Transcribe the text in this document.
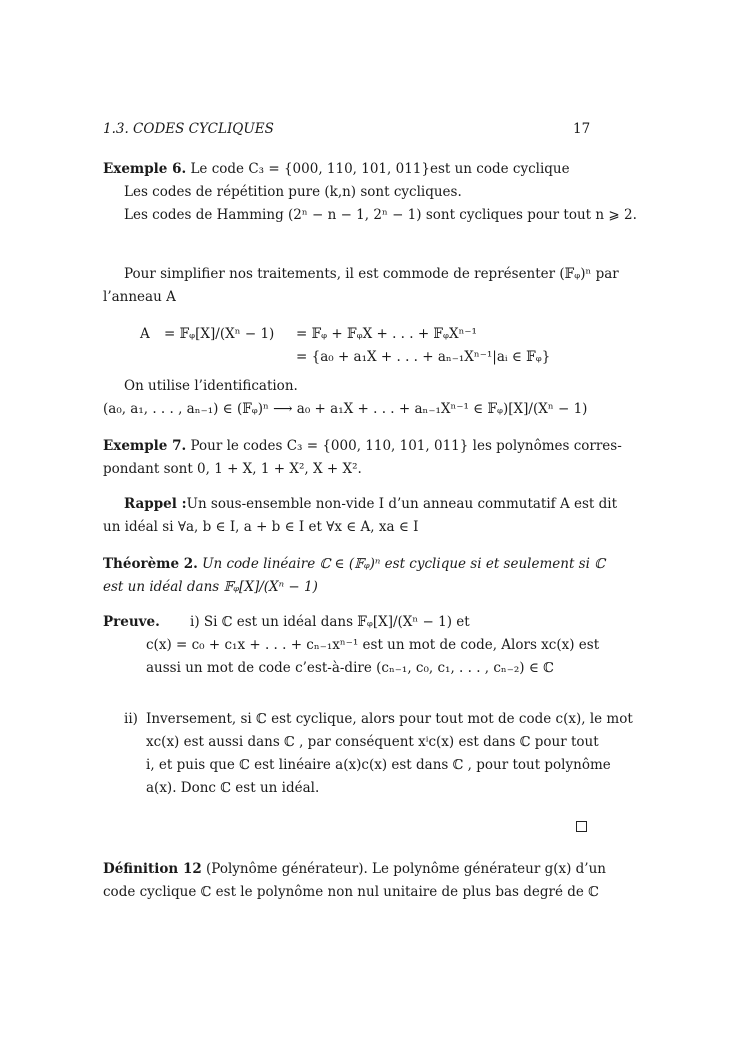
1.3. CODES CYCLIQUES	17
Exemple 6. Le code C₃ = {000, 110, 101, 011}est un code cyclique
Les codes de répétition pure (k,n) sont cycliques.
Les codes de Hamming (2ⁿ − n − 1, 2ⁿ − 1) sont cycliques pour tout n ⩾ 2.
Pour simplifier nos traitements, il est commode de représenter (𝔽ᵩ)ⁿ par
l’anneau A
A = 𝔽ᵩ[X]/(Xⁿ − 1) = 𝔽ᵩ + 𝔽ᵩX + . . . + 𝔽ᵩXⁿ⁻¹
= {a₀ + a₁X + . . . + aₙ₋₁Xⁿ⁻¹|aᵢ ∈ 𝔽ᵩ}
On utilise l’identification.
(a₀, a₁, . . . , aₙ₋₁) ∈ (𝔽ᵩ)ⁿ ⟶ a₀ + a₁X + . . . + aₙ₋₁Xⁿ⁻¹ ∈ 𝔽ᵩ)[X]/(Xⁿ − 1)
Exemple 7. Pour le codes C₃ = {000, 110, 101, 011} les polynômes corres-
pondant sont 0, 1 + X, 1 + X², X + X².
Rappel :Un sous-ensemble non-vide I d’un anneau commutatif A est dit
un idéal si ∀a, b ∈ I, a + b ∈ I et ∀x ∈ A, xa ∈ I
Théorème 2. Un code linéaire ℂ ∈ (𝔽ᵩ)ⁿ est cyclique si et seulement si ℂ
est un idéal dans 𝔽ᵩ[X]/(Xⁿ − 1)
Preuve. i) Si ℂ est un idéal dans 𝔽ᵩ[X]/(Xⁿ − 1) et
c(x) = c₀ + c₁x + . . . + cₙ₋₁xⁿ⁻¹ est un mot de code, Alors xc(x) est
aussi un mot de code c’est-à-dire (cₙ₋₁, c₀, c₁, . . . , cₙ₋₂) ∈ ℂ
ii) Inversement, si ℂ est cyclique, alors pour tout mot de code c(x), le mot
xc(x) est aussi dans ℂ , par conséquent xⁱc(x) est dans ℂ pour tout
i, et puis que ℂ est linéaire a(x)c(x) est dans ℂ , pour tout polynôme
a(x). Donc ℂ est un idéal.
Définition 12 (Polynôme générateur). Le polynôme générateur g(x) d’un
code cyclique ℂ est le polynôme non nul unitaire de plus bas degré de ℂ
